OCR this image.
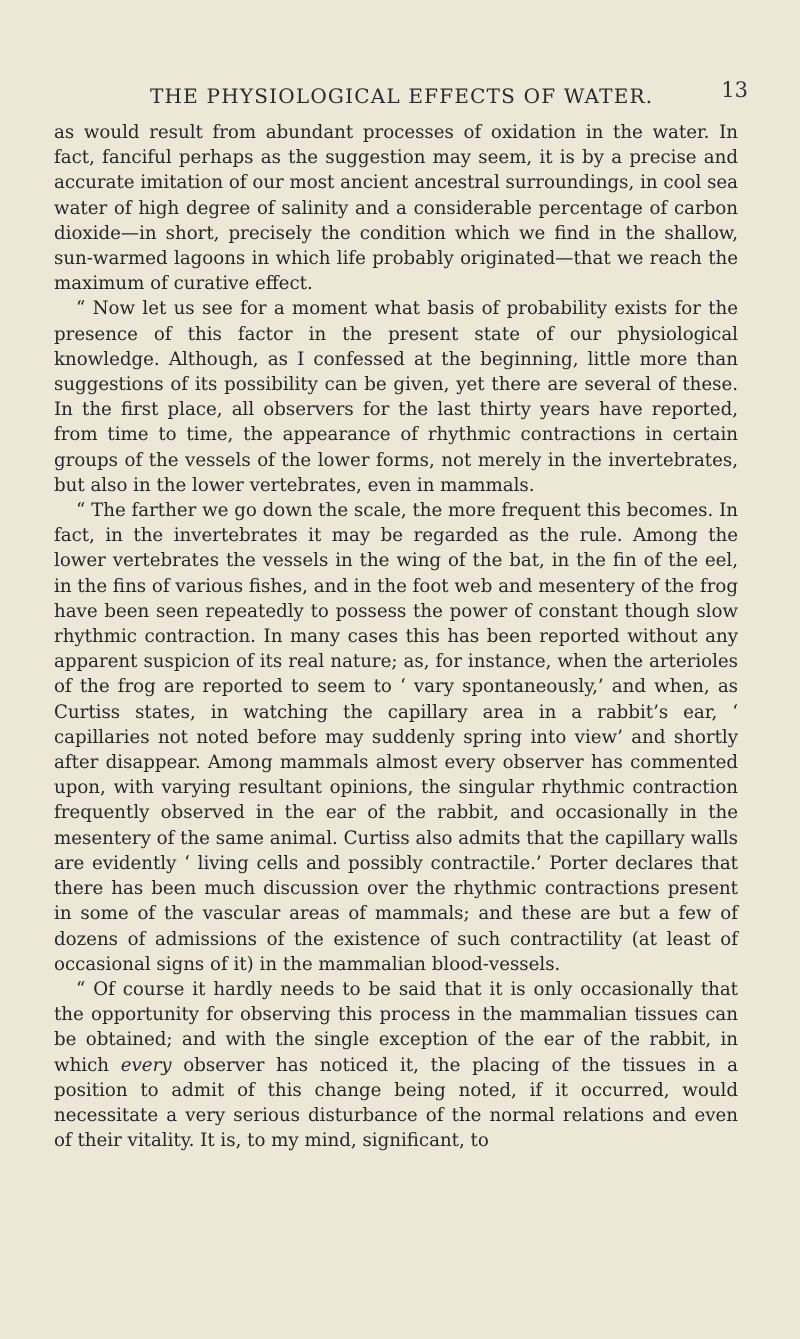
THE PHYSIOLOGICAL EFFECTS OF WATER.	13

as would result from abundant processes of oxidation in the water. In fact, fanciful perhaps as the suggestion may seem, it is by a precise and accurate imitation of our most ancient ancestral surroundings, in cool sea water of high degree of salinity and a considerable percentage of carbon dioxide—in short, precisely the condition which we find in the shallow, sun-warmed lagoons in which life probably originated—that we reach the maximum of curative effect.

“ Now let us see for a moment what basis of probability exists for the presence of this factor in the present state of our physiological knowledge. Although, as I confessed at the beginning, little more than suggestions of its possibility can be given, yet there are several of these. In the first place, all observers for the last thirty years have reported, from time to time, the appearance of rhythmic contractions in certain groups of the vessels of the lower forms, not merely in the invertebrates, but also in the lower vertebrates, even in mammals.

“ The farther we go down the scale, the more frequent this becomes. In fact, in the invertebrates it may be regarded as the rule. Among the lower vertebrates the vessels in the wing of the bat, in the fin of the eel, in the fins of various fishes, and in the foot web and mesentery of the frog have been seen repeatedly to possess the power of constant though slow rhythmic contraction. In many cases this has been reported without any apparent suspicion of its real nature; as, for instance, when the arterioles of the frog are reported to seem to ‘ vary spontaneously,’ and when, as Curtiss states, in watching the capillary area in a rabbit’s ear, ‘ capillaries not noted before may suddenly spring into view’ and shortly after disappear. Among mammals almost every observer has commented upon, with varying resultant opinions, the singular rhythmic contraction frequently observed in the ear of the rabbit, and occasionally in the mesentery of the same animal. Curtiss also admits that the capillary walls are evidently ‘ living cells and possibly contractile.’ Porter declares that there has been much discussion over the rhythmic contractions present in some of the vascular areas of mammals; and these are but a few of dozens of admissions of the existence of such contractility (at least of occasional signs of it) in the mammalian blood-vessels.

“ Of course it hardly needs to be said that it is only occasionally that the opportunity for observing this process in the mammalian tissues can be obtained; and with the single exception of the ear of the rabbit, in which every observer has noticed it, the placing of the tissues in a position to admit of this change being noted, if it occurred, would necessitate a very serious disturbance of the normal relations and even of their vitality. It is, to my mind, significant, to
